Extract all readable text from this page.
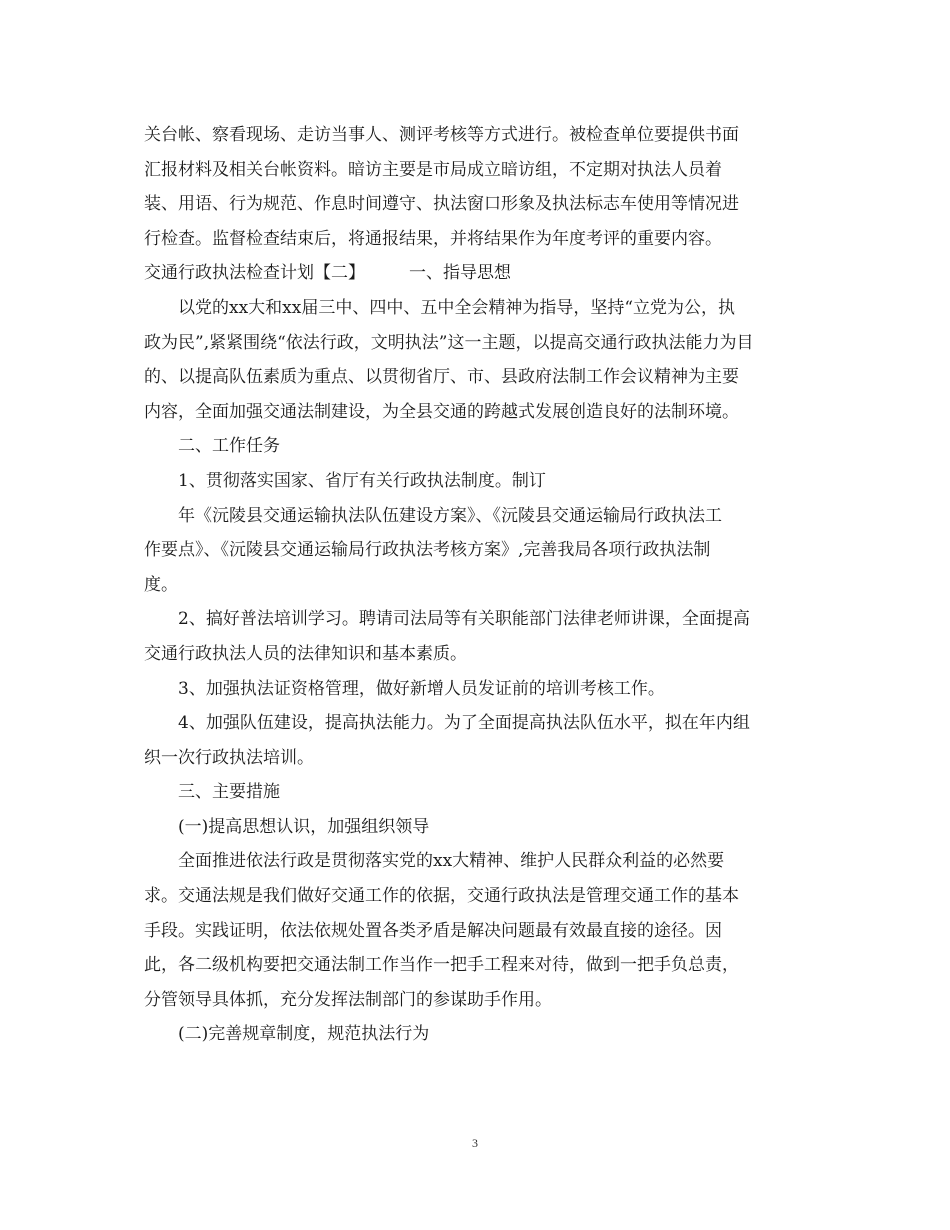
关台帐、察看现场、走访当事人、测评考核等方式进行。被检查单位要提供书面
汇报材料及相关台帐资料。暗访主要是市局成立暗访组，不定期对执法人员着
装、用语、行为规范、作息时间遵守、执法窗口形象及执法标志车使用等情况进
行检查。监督检查结束后，将通报结果，并将结果作为年度考评的重要内容。
交通行政执法检查计划【二】	一、指导思想
以党的xx大和xx届三中、四中、五中全会精神为指导，坚持“立党为公，执
政为民”,紧紧围绕“依法行政，文明执法”这一主题，以提高交通行政执法能力为目
的、以提高队伍素质为重点、以贯彻省厅、市、县政府法制工作会议精神为主要
内容，全面加强交通法制建设，为全县交通的跨越式发展创造良好的法制环境。
二、工作任务
1、贯彻落实国家、省厅有关行政执法制度。制订
年《沅陵县交通运输执法队伍建设方案》、《沅陵县交通运输局行政执法工
作要点》、《沅陵县交通运输局行政执法考核方案》,完善我局各项行政执法制
度。
2、搞好普法培训学习。聘请司法局等有关职能部门法律老师讲课，全面提高
交通行政执法人员的法律知识和基本素质。
3、加强执法证资格管理，做好新增人员发证前的培训考核工作。
4、加强队伍建设，提高执法能力。为了全面提高执法队伍水平，拟在年内组
织一次行政执法培训。
三、主要措施
(一)提高思想认识，加强组织领导
全面推进依法行政是贯彻落实党的xx大精神、维护人民群众利益的必然要
求。交通法规是我们做好交通工作的依据，交通行政执法是管理交通工作的基本
手段。实践证明，依法依规处置各类矛盾是解决问题最有效最直接的途径。因
此，各二级机构要把交通法制工作当作一把手工程来对待，做到一把手负总责，
分管领导具体抓，充分发挥法制部门的参谋助手作用。
(二)完善规章制度，规范执法行为
3
